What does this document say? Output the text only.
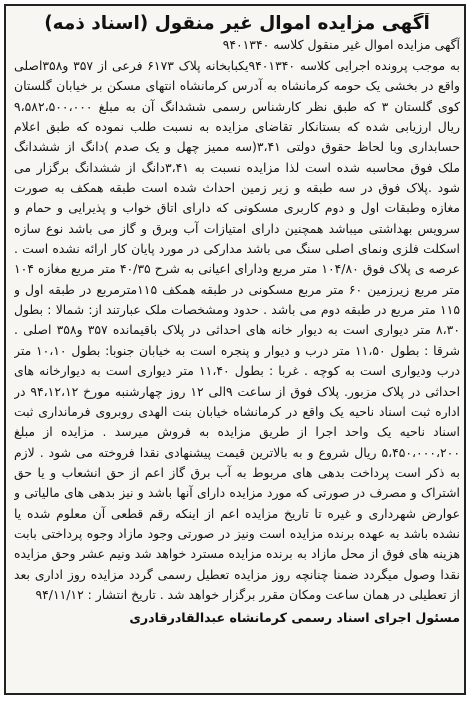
آگهی مزایده اموال غیر منقول (اسناد ذمه)
آگهی مزایده اموال غیر منقول کلاسه ۹۴۰۱۳۴۰
به موجب پرونده اجرایی کلاسه ۹۴۰۱۳۴۰یکبابخانه پلاک ۶۱۷۳ فرعی از ۳۵۷ و۳۵۸اصلی واقع در بخشی یک حومه کرمانشاه به آدرس کرمانشاه انتهای مسکن بر خیابان گلستان کوی گلستان ۳ که طبق نظر کارشناس رسمی ششدانگ آن به مبلغ ۹،۵۸۲،۵۰۰،۰۰۰ ریال ارزیابی شده که بستانکار تقاضای مزایده به نسبت طلب نموده که طبق اعلام حسابداری وبا لحاظ حقوق دولتی ۳،۴۱(سه ممیز چهل و یک صدم )دانگ از ششدانگ ملک فوق محاسبه شده است لذا مزایده نسبت به ۳،۴۱دانگ از ششدانگ برگزار می شود .پلاک فوق در سه طبقه و زیر زمین احداث شده است طبقه همکف به صورت مغازه وطبقات اول و دوم کاربری مسکونی که دارای اتاق خواب و پذیرایی و حمام و سرویس بهداشتی میباشد همچنین دارای امتیازات آب وبرق و گاز می باشد نوع سازه اسکلت فلزی ونمای اصلی سنگ می باشد مدارکی در مورد پایان کار ارائه نشده است . عرصه ی پلاک فوق ۱۰۴/۸۰ متر مربع ودارای اعیانی به شرح ۴۰/۳۵ متر مربع مغازه ۱۰۴ متر مربع زیرزمین ۶۰ متر مربع مسکونی در طبقه همکف ۱۱۵مترمربع در طبقه اول و ۱۱۵ متر مربع در طبقه دوم می باشد . حدود ومشخصات ملک عبارتند از: شمالا : بطول ۸،۳۰ متر دیواری است به دیوار خانه های احداثی در پلاک باقیمانده ۳۵۷ و۳۵۸ اصلی . شرقا : بطول ۱۱،۵۰ متر درب و دیوار و پنجره است به خیابان جنوبا: بطول ۱۰،۱۰ متر درب ودیواری است به کوچه . غربا : بطول ۱۱،۴۰ متر دیواری است به دیوارخانه های احداثی در پلاک مزبور. پلاک فوق از ساعت ۹الی ۱۲ روز چهارشنبه مورخ ۹۴،۱۲،۱۲ در اداره ثبت اسناد ناحیه یک واقع در کرمانشاه خیابان بنت الهدی روبروی فرمانداری ثبت اسناد ناحیه یک واحد اجرا از طریق مزایده به فروش میرسد . مزایده از مبلغ ۵،۴۵۰،۰۰۰،۲۰۰ ریال شروع و به بالاترین قیمت پیشنهادی نقدا فروخته می شود . لازم به ذکر است پرداخت بدهی های مربوط به آب برق گاز اعم از حق انشعاب و یا حق اشتراک و مصرف در صورتی که مورد مزایده دارای آنها باشد و نیز بدهی های مالیاتی و عوارض شهرداری و غیره تا تاریخ مزایده اعم از اینکه رقم قطعی آن معلوم شده یا نشده باشد به عهده برنده مزایده است ونیز در صورتی وجود مازاد وجوه پرداختی بابت هزینه های فوق از محل مازاد به برنده مزایده مسترد خواهد شد ونیم عشر وحق مزایده نقدا وصول میگردد ضمنا چنانچه روز مزایده تعطیل رسمی گردد مزایده روز اداری بعد از تعطیلی در همان ساعت ومکان مقرر برگزار خواهد شد . تاریخ انتشار : ۹۴/۱۱/۱۲
مسئول اجرای اسناد رسمی کرمانشاه عبدالقادرقادری
